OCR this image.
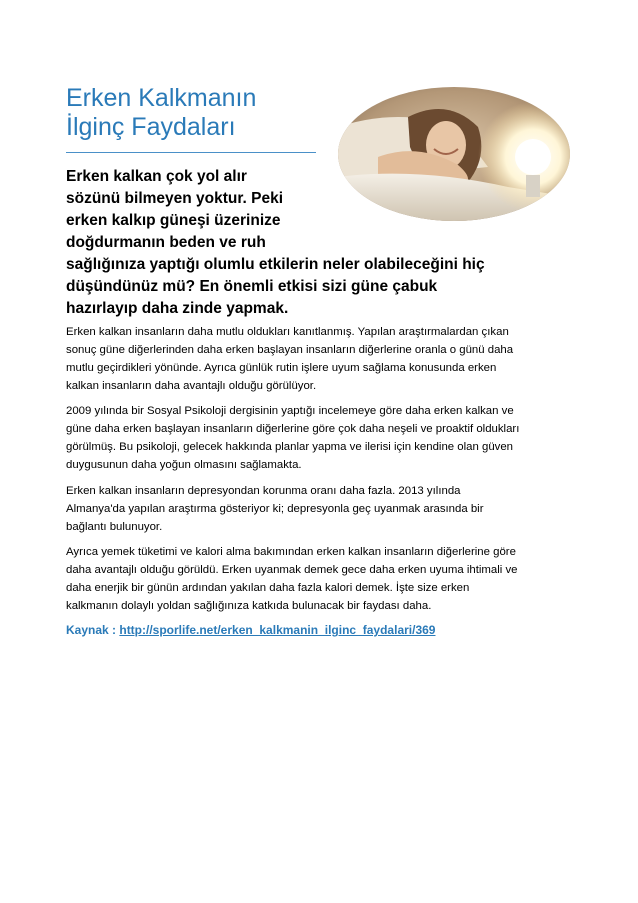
Erken Kalkmanın
İlginç Faydaları
Erken kalkan çok yol alır
sözünü bilmeyen yoktur. Peki
erken kalkıp güneşi üzerinize
doğdurmanın beden ve ruh
sağlığınıza yaptığı olumlu etkilerin neler olabileceğini hiç
düşündünüz mü? En önemli etkisi sizi güne çabuk
hazırlayıp daha zinde yapmak.
Erken kalkan insanların daha mutlu oldukları kanıtlanmış. Yapılan araştırmalardan çıkan
sonuç güne diğerlerinden daha erken başlayan insanların diğerlerine oranla o günü daha
mutlu geçirdikleri yönünde. Ayrıca günlük rutin işlere uyum sağlama konusunda erken
kalkan insanların daha avantajlı olduğu görülüyor.
2009 yılında bir Sosyal Psikoloji dergisinin yaptığı incelemeye göre daha erken kalkan ve
güne daha erken başlayan insanların diğerlerine göre çok daha neşeli ve proaktif oldukları
görülmüş. Bu psikoloji, gelecek hakkında planlar yapma ve ilerisi için kendine olan güven
duygusunun daha yoğun olmasını sağlamakta.
Erken kalkan insanların depresyondan korunma oranı daha fazla. 2013 yılında
Almanya'da yapılan araştırma gösteriyor ki; depresyonla geç uyanmak arasında bir
bağlantı bulunuyor.
Ayrıca yemek tüketimi ve kalori alma bakımından erken kalkan insanların diğerlerine göre
daha avantajlı olduğu görüldü. Erken uyanmak demek gece daha erken uyuma ihtimali ve
daha enerjik bir günün ardından yakılan daha fazla kalori demek. İşte size erken
kalkmanın dolaylı yoldan sağlığınıza katkıda bulunacak bir faydası daha.
Kaynak : http://sporlife.net/erken_kalkmanin_ilginc_faydalari/369
